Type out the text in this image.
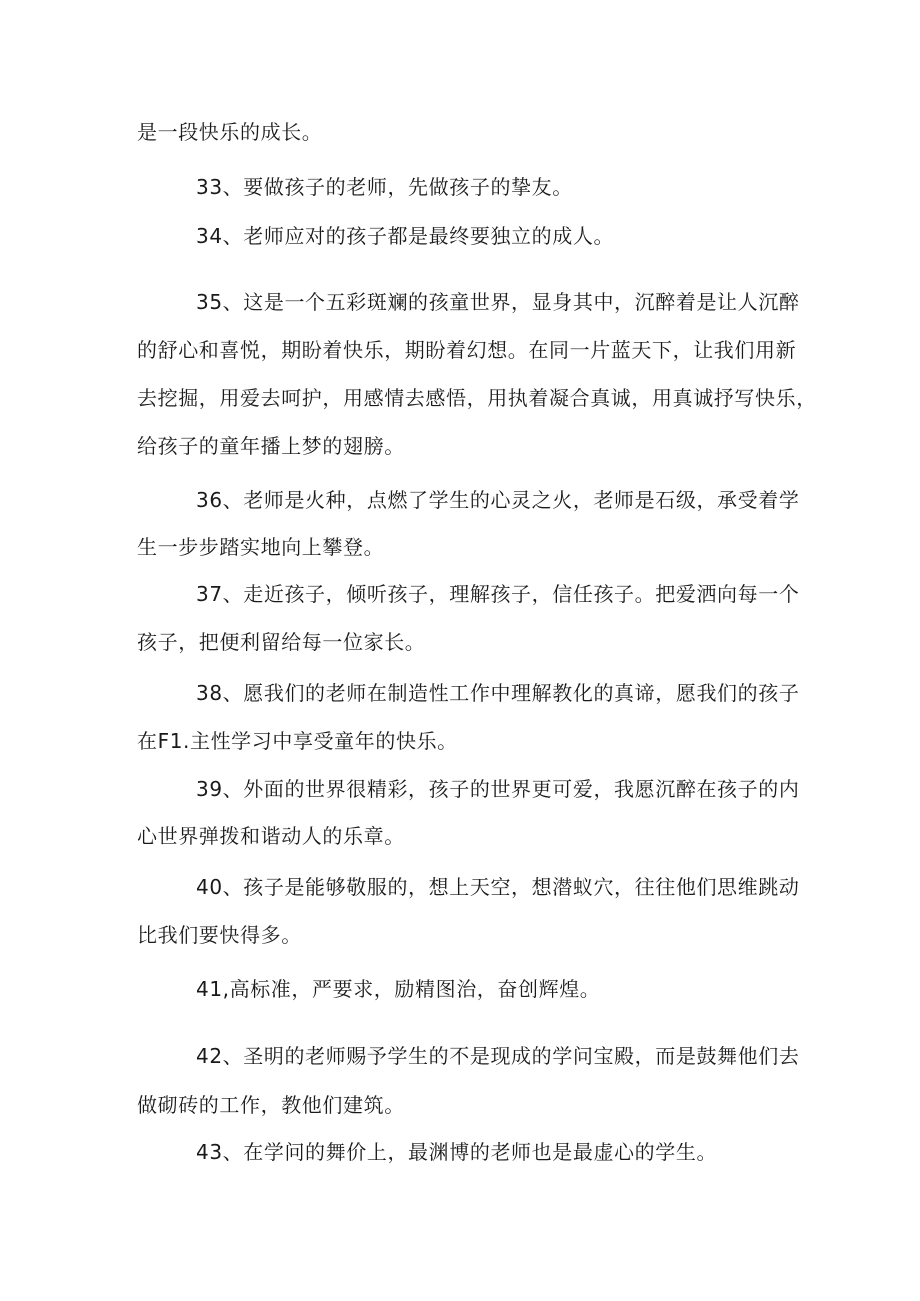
是一段快乐的成长。
33、要做孩子的老师，先做孩子的挚友。
34、老师应对的孩子都是最终要独立的成人。
35、这是一个五彩斑斓的孩童世界，显身其中，沉醉着是让人沉醉
的舒心和喜悦，期盼着快乐，期盼着幻想。在同一片蓝天下，让我们用新
去挖掘，用爱去呵护，用感情去感悟，用执着凝合真诚，用真诚抒写快乐，
给孩子的童年播上梦的翅膀。
36、老师是火种，点燃了学生的心灵之火，老师是石级，承受着学
生一步步踏实地向上攀登。
37、走近孩子，倾听孩子，理解孩子，信任孩子。把爱洒向每一个
孩子，把便利留给每一位家长。
38、愿我们的老师在制造性工作中理解教化的真谛，愿我们的孩子
在F1.主性学习中享受童年的快乐。
39、外面的世界很精彩，孩子的世界更可爱，我愿沉醉在孩子的内
心世界弹拨和谐动人的乐章。
40、孩子是能够敬服的，想上天空，想潜蚁穴，往往他们思维跳动
比我们要快得多。
41,高标准，严要求，励精图治，奋创辉煌。
42、圣明的老师赐予学生的不是现成的学问宝殿，而是鼓舞他们去
做砌砖的工作，教他们建筑。
43、在学问的舞价上，最渊博的老师也是最虚心的学生。
